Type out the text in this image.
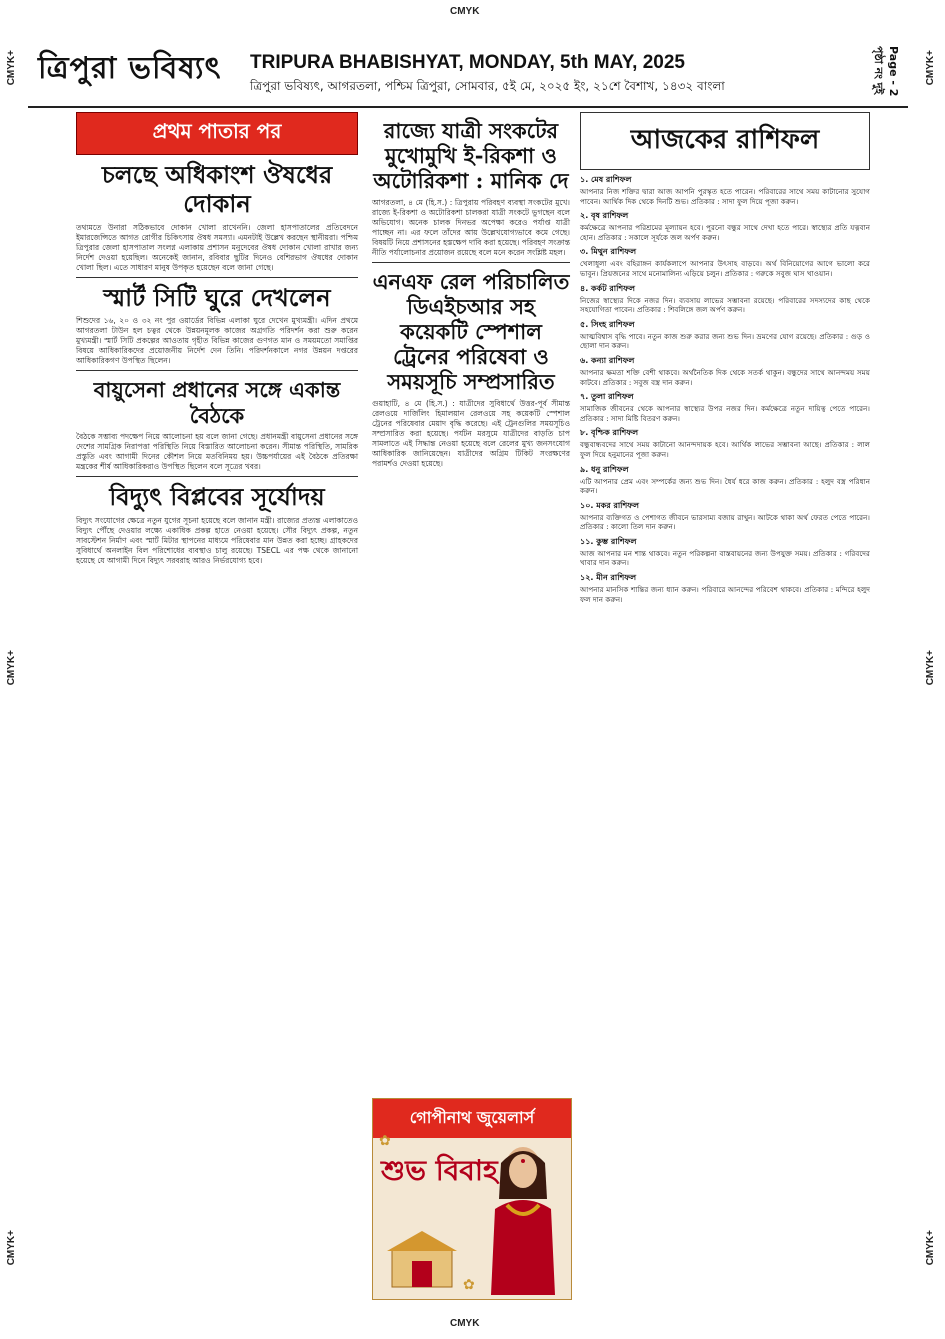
CMYK
CMYK
CMYK+
CMYK+
CMYK+
CMYK+
CMYK+
CMYK+
ত্রিপুরা ভবিষ্যৎ TRIPURA BHABISHYAT, MONDAY, 5th MAY, 2025
ত্রিপুরা ভবিষ্যৎ, আগরতলা, পশ্চিম ত্রিপুরা, সোমবার, ৫ই মে, ২০২৫ ইং, ২১শে বৈশাখ, ১৪৩২ বাংলা	Page - 2 পৃষ্ঠা নং দুই
প্রথম পাতার পর
চলছে অধিকাংশ ঔষধের দোকান
তথ্যমতে উনারা সঠিকভাবে দোকান খোলা রাখেননি। জেলা হাসপাতালের প্রতিবেদনে ইমারজেন্সিতে আগত রোগীর চিকিৎসায় ঔষধ সমস্যা। এমনটাই উল্লেখ করছেন স্থানীয়রা। পশ্চিম ত্রিপুরার জেলা হাসপাতাল সংলগ্ন এলাকায় প্রশাসন মনুদেবের ঔষধ দোকান খোলা রাখার জন্য নির্দেশ দেওয়া হয়েছিল। অনেকেই জানান, রবিবার ছুটির দিনেও বেশিরভাগ ঔষধের দোকান খোলা ছিল। এতে সাধারণ মানুষ উপকৃত হয়েছেন বলে জানা গেছে।
স্মার্ট সিটি ঘুরে দেখলেন
শিশুদের ১৬, ২০ ও ৩২ নং পুর ওয়ার্ডের বিভিন্ন এলাকা ঘুরে দেখেন মুখ্যমন্ত্রী। এদিন প্রথমে আগরতলা টাউন হল চত্বর থেকে উন্নয়নমূলক কাজের অগ্রগতি পরিদর্শন করা শুরু করেন মুখ্যমন্ত্রী। স্মার্ট সিটি প্রকল্পের আওতায় গৃহীত বিভিন্ন কাজের গুণগত মান ও সময়মতো সমাপ্তির বিষয়ে আধিকারিকদের প্রয়োজনীয় নির্দেশ দেন তিনি। পরিদর্শনকালে নগর উন্নয়ন দপ্তরের আধিকারিকগণ উপস্থিত ছিলেন।
বায়ুসেনা প্রধানের সঙ্গে একান্ত বৈঠকে
বৈঠকে সম্ভাব্য পদক্ষেপ নিয়ে আলোচনা হয় বলে জানা গেছে। প্রধানমন্ত্রী বায়ুসেনা প্রধানের সঙ্গে দেশের সামগ্রিক নিরাপত্তা পরিস্থিতি নিয়ে বিস্তারিত আলোচনা করেন। সীমান্ত পরিস্থিতি, সামরিক প্রস্তুতি এবং আগামী দিনের কৌশল নিয়ে মতবিনিময় হয়। উচ্চপর্যায়ের এই বৈঠকে প্রতিরক্ষা মন্ত্রকের শীর্ষ আধিকারিকরাও উপস্থিত ছিলেন বলে সূত্রের খবর।
বিদ্যুৎ বিপ্লবের সূর্যোদয়
বিদ্যুৎ সংযোগের ক্ষেত্রে নতুন যুগের সূচনা হয়েছে বলে জানান মন্ত্রী। রাজ্যের প্রত্যন্ত এলাকাতেও বিদ্যুৎ পৌঁছে দেওয়ার লক্ষ্যে একাধিক প্রকল্প হাতে নেওয়া হয়েছে। সৌর বিদ্যুৎ প্রকল্প, নতুন সাবস্টেশন নির্মাণ এবং স্মার্ট মিটার স্থাপনের মাধ্যমে পরিষেবার মান উন্নত করা হচ্ছে। গ্রাহকদের সুবিধার্থে অনলাইন বিল পরিশোধের ব্যবস্থাও চালু রয়েছে। TSECL এর পক্ষ থেকে জানানো হয়েছে যে আগামী দিনে বিদ্যুৎ সরবরাহ আরও নির্ভরযোগ্য হবে।
রাজ্যে যাত্রী সংকটের মুখোমুখি ই-রিকশা ও অটোরিকশা : মানিক দে
আগরতলা, ৪ মে (হি.স.) : ত্রিপুরায় পরিবহণ ব্যবস্থা সংকটের মুখে। রাজ্যে ই-রিকশা ও অটোরিকশা চালকরা যাত্রী সংকটে ভুগছেন বলে অভিযোগ। অনেক চালক দিনভর অপেক্ষা করেও পর্যাপ্ত যাত্রী পাচ্ছেন না। এর ফলে তাঁদের আয় উল্লেখযোগ্যভাবে কমে গেছে। বিষয়টি নিয়ে প্রশাসনের হস্তক্ষেপ দাবি করা হয়েছে। পরিবহণ সংক্রান্ত নীতি পর্যালোচনার প্রয়োজন রয়েছে বলে মনে করেন সংশ্লিষ্ট মহল।
এনএফ রেল পরিচালিত ডিএইচআর সহ কয়েকটি স্পেশাল ট্রেনের পরিষেবা ও সময়সূচি সম্প্রসারিত
গুয়াহাটি, ৪ মে (হি.স.) : যাত্রীদের সুবিধার্থে উত্তর-পূর্ব সীমান্ত রেলওয়ে দার্জিলিং হিমালয়ান রেলওয়ে সহ কয়েকটি স্পেশাল ট্রেনের পরিষেবার মেয়াদ বৃদ্ধি করেছে। এই ট্রেনগুলির সময়সূচিও সম্প্রসারিত করা হয়েছে। পর্যটন মরসুমে যাত্রীদের বাড়তি চাপ সামলাতে এই সিদ্ধান্ত নেওয়া হয়েছে বলে রেলের মুখ্য জনসংযোগ আধিকারিক জানিয়েছেন। যাত্রীদের অগ্রিম টিকিট সংরক্ষণের পরামর্শও দেওয়া হয়েছে।
গোপীনাথ জুয়েলার্স
শুভ বিবাহ
✿
✿
আজকের রাশিফল
১. মেষ রাশিফল
আপনার নিজ শক্তির দ্বারা আজ আপনি পুরস্কৃত হতে পারেন। পরিবারের সাথে সময় কাটানোর সুযোগ পাবেন। আর্থিক দিক থেকে দিনটি শুভ। প্রতিকার : সাদা ফুল দিয়ে পূজা করুন।
২. বৃষ রাশিফল
কর্মক্ষেত্রে আপনার পরিশ্রমের মূল্যায়ন হবে। পুরনো বন্ধুর সাথে দেখা হতে পারে। স্বাস্থ্যের প্রতি যত্নবান হোন। প্রতিকার : সকালে সূর্যকে জল অর্পণ করুন।
৩. মিথুন রাশিফল
খেলাধুলা এবং বহিরাঙ্গন কার্যকলাপে আপনার উৎসাহ বাড়বে। অর্থ বিনিয়োগের আগে ভালো করে ভাবুন। প্রিয়জনের সাথে মনোমালিন্য এড়িয়ে চলুন। প্রতিকার : গরুকে সবুজ ঘাস খাওয়ান।
৪. কর্কট রাশিফল
নিজের স্বাস্থ্যের দিকে নজর দিন। ব্যবসায় লাভের সম্ভাবনা রয়েছে। পরিবারের সদস্যদের কাছ থেকে সহযোগিতা পাবেন। প্রতিকার : শিবলিঙ্গে জল অর্পণ করুন।
৫. সিংহ রাশিফল
আত্মবিশ্বাস বৃদ্ধি পাবে। নতুন কাজ শুরু করার জন্য শুভ দিন। ভ্রমণের যোগ রয়েছে। প্রতিকার : গুড় ও ছোলা দান করুন।
৬. কন্যা রাশিফল
আপনার ক্ষমতা শক্তি বেশী থাকবে। অর্থনৈতিক দিক থেকে সতর্ক থাকুন। বন্ধুদের সাথে আনন্দময় সময় কাটবে। প্রতিকার : সবুজ বস্ত্র দান করুন।
৭. তুলা রাশিফল
সামাজিক জীবনের থেকে আপনার স্বাস্থ্যের উপর নজর দিন। কর্মক্ষেত্রে নতুন দায়িত্ব পেতে পারেন। প্রতিকার : সাদা মিষ্টি বিতরণ করুন।
৮. বৃশ্চিক রাশিফল
বন্ধুবান্ধবদের সাথে সময় কাটানো আনন্দদায়ক হবে। আর্থিক লাভের সম্ভাবনা আছে। প্রতিকার : লাল ফুল দিয়ে হনুমানের পূজা করুন।
৯. ধনু রাশিফল
এটি আপনার প্রেম এবং সম্পর্কের জন্য শুভ দিন। ধৈর্য ধরে কাজ করুন। প্রতিকার : হলুদ বস্ত্র পরিধান করুন।
১০. মকর রাশিফল
আপনার ব্যক্তিগত ও পেশাগত জীবনে ভারসাম্য বজায় রাখুন। আটকে থাকা অর্থ ফেরত পেতে পারেন। প্রতিকার : কালো তিল দান করুন।
১১. কুম্ভ রাশিফল
আজ আপনার মন শান্ত থাকবে। নতুন পরিকল্পনা বাস্তবায়নের জন্য উপযুক্ত সময়। প্রতিকার : গরিবদের খাবার দান করুন।
১২. মীন রাশিফল
আপনার মানসিক শান্তির জন্য ধ্যান করুন। পরিবারে আনন্দের পরিবেশ থাকবে। প্রতিকার : মন্দিরে হলুদ ফল দান করুন।
